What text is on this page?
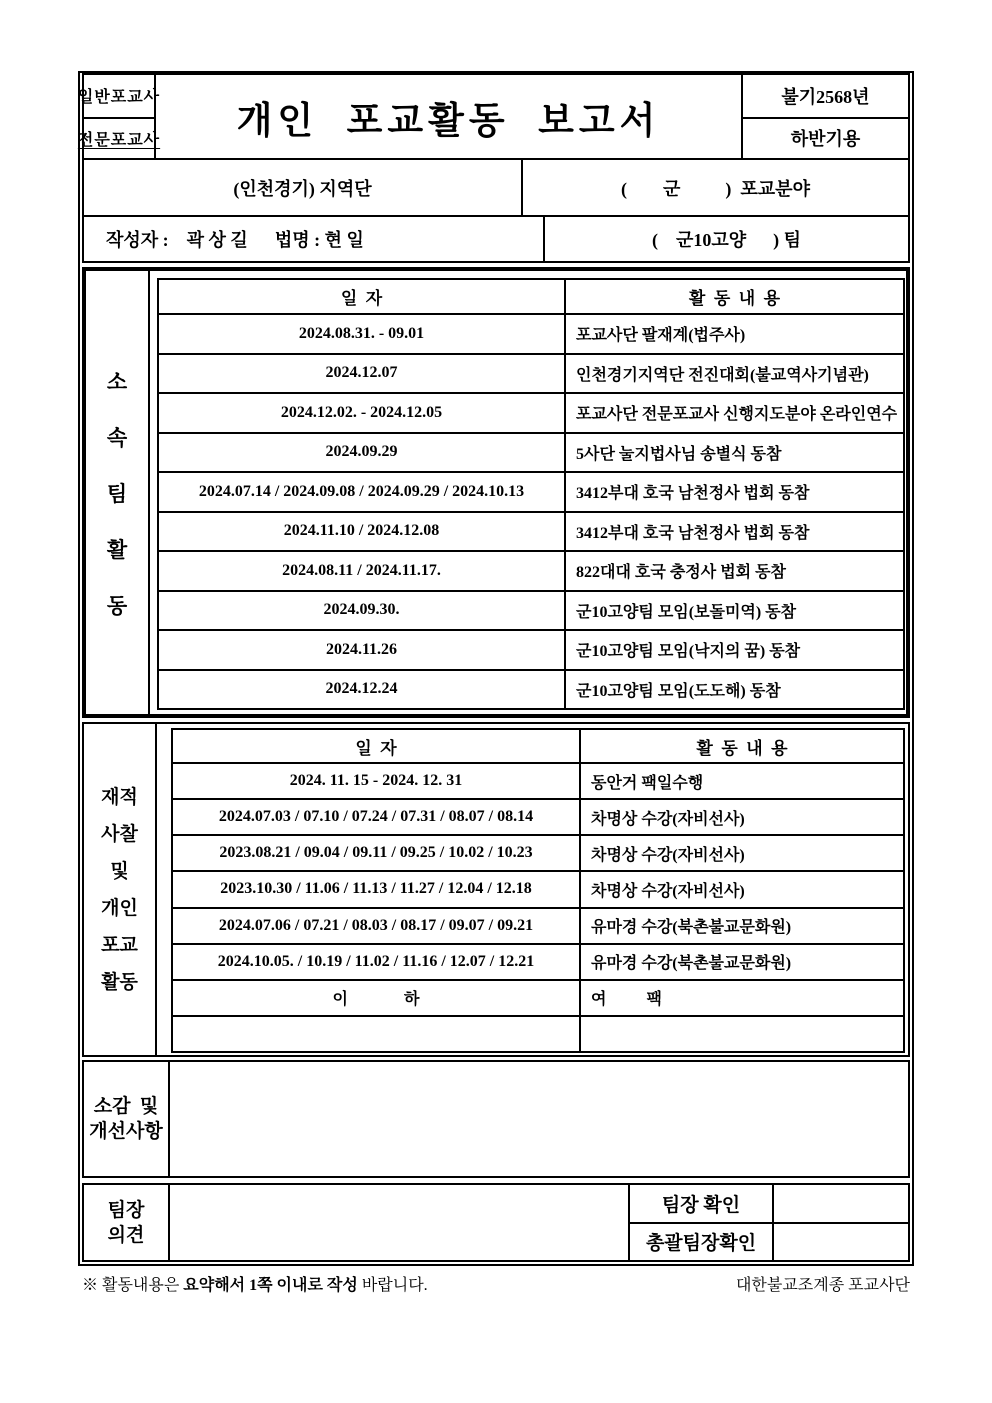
일반포교사
전문포교사 개인  포교활동  보고서
불기2568년
하반기용
(인천경기) 지역단	(        군          )  포교분야
작성자 :    곽 상 길      법명 : 현 일	(    군10고양      ) 팀
소
속
팀
활
동
일  자	활  동  내  용
2024.08.31. - 09.01	포교사단 팔재계(법주사)
2024.12.07	인천경기지역단 전진대회(불교역사기념관)
2024.12.02. - 2024.12.05	포교사단 전문포교사 신행지도분야 온라인연수
2024.09.29	5사단 눌지법사님 송별식 동참
2024.07.14 / 2024.09.08 / 2024.09.29 / 2024.10.13	3412부대 호국 남천정사 법회 동참
2024.11.10 / 2024.12.08	3412부대 호국 남천정사 법회 동참
2024.08.11 / 2024.11.17.	822대대 호국 충정사 법회 동참
2024.09.30.	군10고양팀 모임(보돌미역) 동참
2024.11.26	군10고양팀 모임(낙지의 꿈) 동참
2024.12.24	군10고양팀 모임(도도해) 동참
재적
사찰
및
개인
포교
활동
일  자	활  동  내  용
2024. 11. 15 - 2024. 12. 31	동안거 팩일수행
2024.07.03 / 07.10 / 07.24 / 07.31 / 08.07 / 08.14	차명상 수강(자비선사)
2023.08.21 / 09.04 / 09.11 / 09.25 / 10.02 / 10.23	차명상 수강(자비선사)
2023.10.30 / 11.06 / 11.13 / 11.27 / 12.04 / 12.18	차명상 수강(자비선사)
2024.07.06 / 07.21 / 08.03 / 08.17 / 09.07 / 09.21	유마경 수강(북촌불교문화원)
2024.10.05. / 10.19 / 11.02 / 11.16 / 12.07 / 12.21	유마경 수강(북촌불교문화원)
이              하	여          팩
소감  및
개선사항
팀장
의견
팀장 확인
총괄팀장확인
※ 활동내용은 요약해서 1쪽 이내로 작성 바랍니다.	대한불교조계종 포교사단
